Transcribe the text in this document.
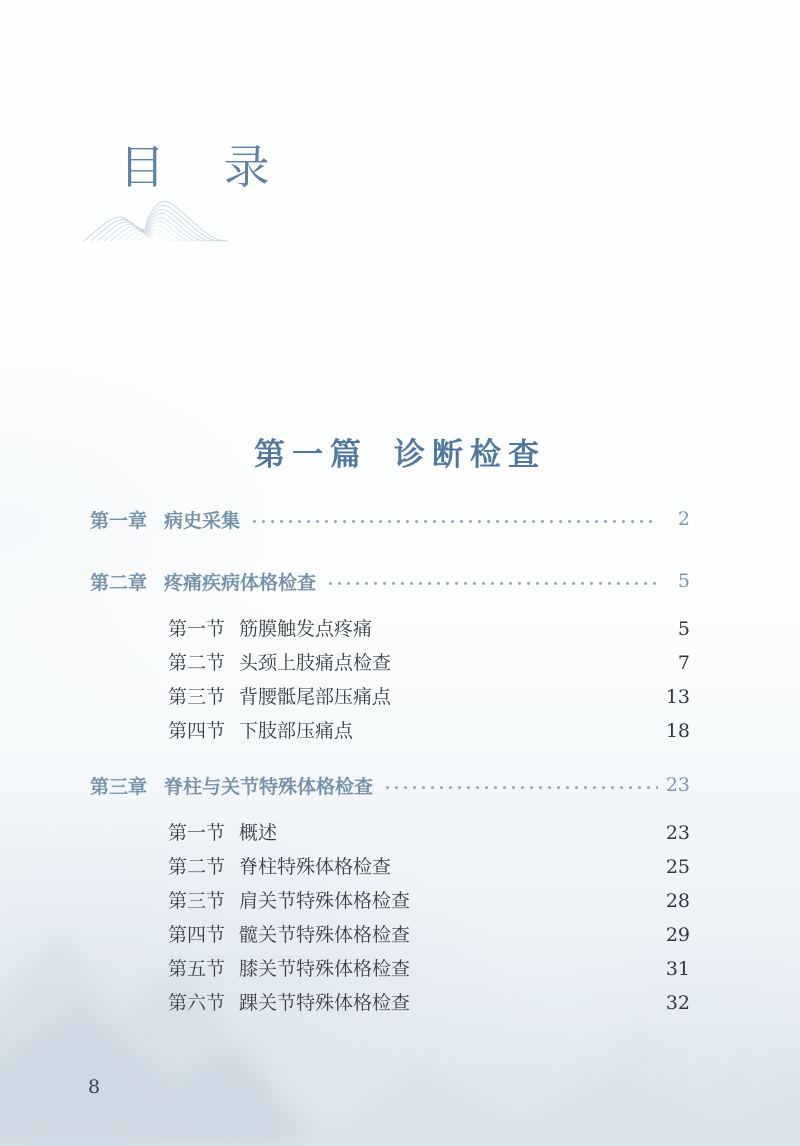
目 录
第一篇 诊断检查
第一章 病史采集	2
第二章 疼痛疾病体格检查	5
第一节 筋膜触发点疼痛	5
第二节 头颈上肢痛点检查	7
第三节 背腰骶尾部压痛点	13
第四节 下肢部压痛点	18
第三章 脊柱与关节特殊体格检查	23
第一节 概述	23
第二节 脊柱特殊体格检查	25
第三节 肩关节特殊体格检查	28
第四节 髋关节特殊体格检查	29
第五节 膝关节特殊体格检查	31
第六节 踝关节特殊体格检查	32
8
